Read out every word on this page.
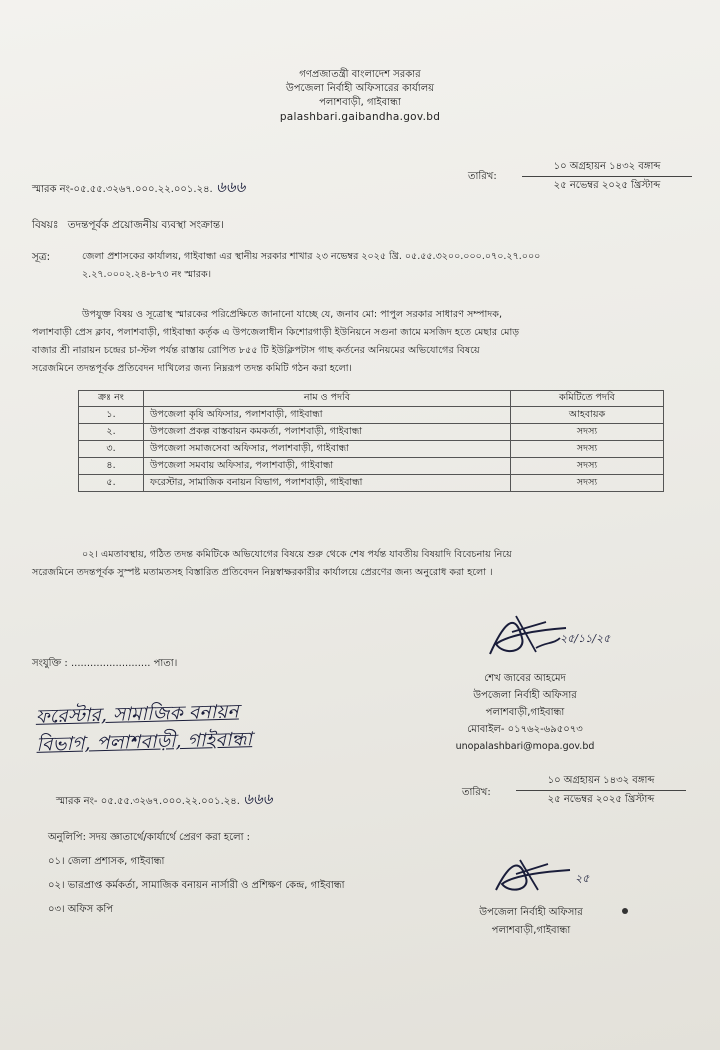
গণপ্রজাতন্ত্রী বাংলাদেশ সরকার
উপজেলা নির্বাহী অফিসারের কার্যালয়
পলাশবাড়ী, গাইবান্ধা
palashbari.gaibandha.gov.bd
স্মারক নং-০৫.৫৫.৩২৬৭.০০০.২২.০০১.২৪. ৬৬৬
তারিখ:
১০ অগ্রহায়ন ১৪৩২ বঙ্গাব্দ
২৫ নভেম্বর ২০২৫ খ্রিস্টাব্দ
বিষয়ঃ তদন্তপূর্বক প্রয়োজনীয় ব্যবস্থা সংক্রান্ত।
সূত্র:	জেলা প্রশাসকের কার্যালয়, গাইবান্ধা এর স্থানীয় সরকার শাখার ২৩ নভেম্বর ২০২৫ খ্রি. ০৫.৫৫.৩২০০.০০০.০৭০.২৭.০০০
২.২৭.০০০২.২৪-৮৭৩ নং স্মারক।
উপযুক্ত বিষয় ও সূত্রোস্থ স্মারকের পরিপ্রেক্ষিতে জানানো যাচ্ছে যে, জনাব মো: পাপুল সরকার সাধারণ সম্পাদক,
পলাশবাড়ী প্রেস ক্লাব, পলাশবাড়ী, গাইবান্ধা কর্তৃক এ উপজেলাধীন কিশোরগাড়ী ইউনিয়নে সগুনা জামে মসজিদ হতে মেছার মোড়
বাজার শ্রী নারায়ন চন্দ্রের চা-স্টল পর্যন্ত রাস্তায় রোপিত ৮৫৫ টি ইউক্লিপটাস গাছ কর্তনের অনিয়মের অভিযোগের বিষয়ে
সরেজমিনে তদন্তপূর্বক প্রতিবেদন দাখিলের জন্য নিম্নরূপ তদন্ত কমিটি গঠন করা হলো।
ক্রঃ নং	নাম ও পদবি	কমিটিতে পদবি
১.	উপজেলা কৃষি অফিসার, পলাশবাড়ী, গাইবান্ধা	আহবায়ক
২.	উপজেলা প্রকল্প বাস্তবায়ন কমকর্তা, পলাশবাড়ী, গাইবান্ধা	সদস্য
৩.	উপজেলা সমাজসেবা অফিসার, পলাশবাড়ী, গাইবান্ধা	সদস্য
৪.	উপজেলা সমবায় অফিসার, পলাশবাড়ী, গাইবান্ধা	সদস্য
৫.	ফরেস্টার, সামাজিক বনায়ন বিভাগ, পলাশবাড়ী, গাইবান্ধা	সদস্য
০২। এমতাবস্থায়, গঠিত তদন্ত কমিটিকে অভিযোগের বিষয়ে শুরু থেকে শেষ পর্যন্ত যাবতীয় বিষয়াদি বিবেচনায় নিয়ে
সরেজমিনে তদন্তপূর্বক সুস্পষ্ট মতামতসহ বিস্তারিত প্রতিবেদন নিম্নস্বাক্ষরকারীর কার্যালয়ে প্রেরণের জন্য অনুরোধ করা হলো ।
২৫/১১/২৫
শেখ জাবের আহমেদ
উপজেলা নির্বাহী অফিসার
পলাশবাড়ী,গাইবান্ধা
মোবাইল- ০১৭৬২-৬৯৫০৭৩
unopalashbari@mopa.gov.bd
সংযুক্তি : ......................... পাতা।
ফরেস্টার, সামাজিক বনায়ন
বিভাগ, পলাশবাড়ী, গাইবান্ধা
স্মারক নং- ০৫.৫৫.৩২৬৭.০০০.২২.০০১.২৪. ৬৬৬	তারিখ:
১০ অগ্রহায়ন ১৪৩২ বঙ্গাব্দ
২৫ নভেম্বর ২০২৫ খ্রিস্টাব্দ
অনুলিপি: সদয় জ্ঞাতার্থে/কার্যার্থে প্রেরণ করা হলো :
০১। জেলা প্রশাসক, গাইবান্ধা
০২। ভারপ্রাপ্ত কর্মকর্তা, সামাজিক বনায়ন নার্সারী ও প্রশিক্ষণ কেন্দ্র, গাইবান্ধা
০৩। অফিস কপি
২৫
উপজেলা নির্বাহী অফিসার
পলাশবাড়ী,গাইবান্ধা
